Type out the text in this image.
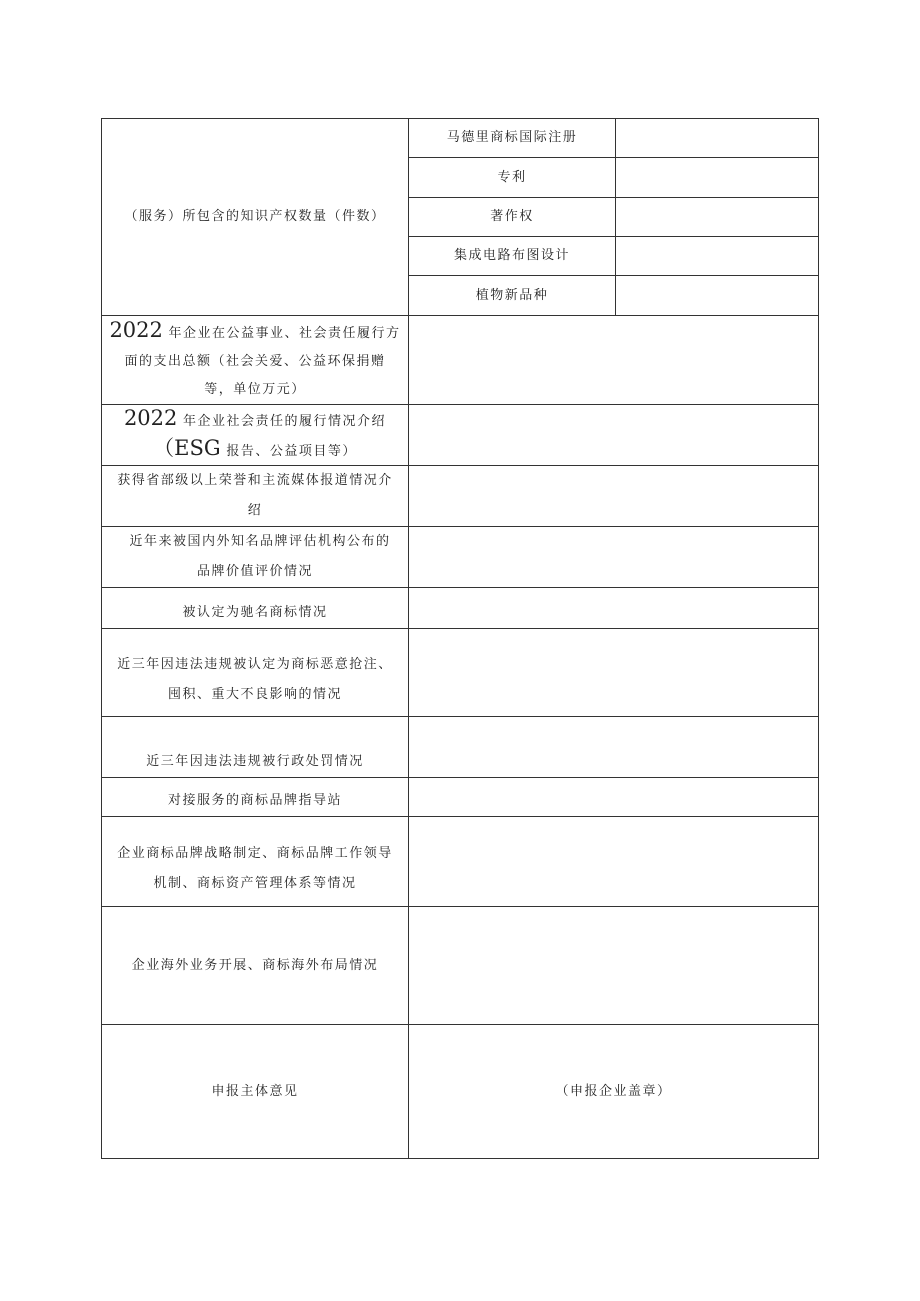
（服务）所包含的知识产权数量（件数）	马德里商标国际注册	
	专利	
	著作权	
	集成电路布图设计	
	植物新品种	
2022 年企业在公益事业、社会责任履行方
面的支出总额（社会关爱、公益环保捐赠
等，单位万元）		
2022 年企业社会责任的履行情况介绍
（ESG 报告、公益项目等）		
获得省部级以上荣誉和主流媒体报道情况介
绍		
近年来被国内外知名品牌评估机构公布的
品牌价值评价情况		
被认定为驰名商标情况		
近三年因违法违规被认定为商标恶意抢注、
囤积、重大不良影响的情况		
近三年因违法违规被行政处罚情况		
对接服务的商标品牌指导站		
企业商标品牌战略制定、商标品牌工作领导
机制、商标资产管理体系等情况		
企业海外业务开展、商标海外布局情况		
申报主体意见	（申报企业盖章）	
